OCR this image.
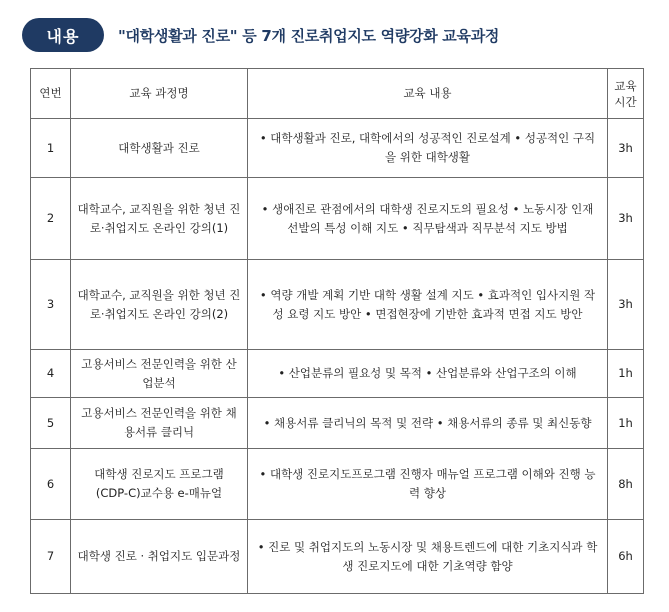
내용	"대학생활과 진로" 등 7개 진로취업지도 역량강화 교육과정
연번	교육 과정명	교육 내용	교육시간
1	대학생활과 진로	• 대학생활과 진로, 대학에서의 성공적인 진로설계 • 성공적인 구직을 위한 대학생활	3h
2	대학교수, 교직원을 위한 청년 진로·취업지도 온라인 강의(1)	• 생애진로 관점에서의 대학생 진로지도의 필요성 • 노동시장 인재 선발의 특성 이해 지도 • 직무탐색과 직무분석 지도 방법	3h
3	대학교수, 교직원을 위한 청년 진로·취업지도 온라인 강의(2)	• 역량 개발 계획 기반 대학 생활 설계 지도 • 효과적인 입사지원 작성 요령 지도 방안 • 면접현장에 기반한 효과적 면접 지도 방안	3h
4	고용서비스 전문인력을 위한 산업분석	• 산업분류의 필요성 및 목적 • 산업분류와 산업구조의 이해	1h
5	고용서비스 전문인력을 위한 채용서류 클리닉	• 채용서류 클리닉의 목적 및 전략 • 채용서류의 종류 및 최신동향	1h
6	대학생 진로지도 프로그램 (CDP-C)교수용 e-매뉴얼	• 대학생 진로지도프로그램 진행자 매뉴얼 프로그램 이해와 진행 능력 향상	8h
7	대학생 진로 · 취업지도 입문과정	• 진로 및 취업지도의 노동시장 및 채용트렌드에 대한 기초지식과 학생 진로지도에 대한 기초역량 함양	6h
